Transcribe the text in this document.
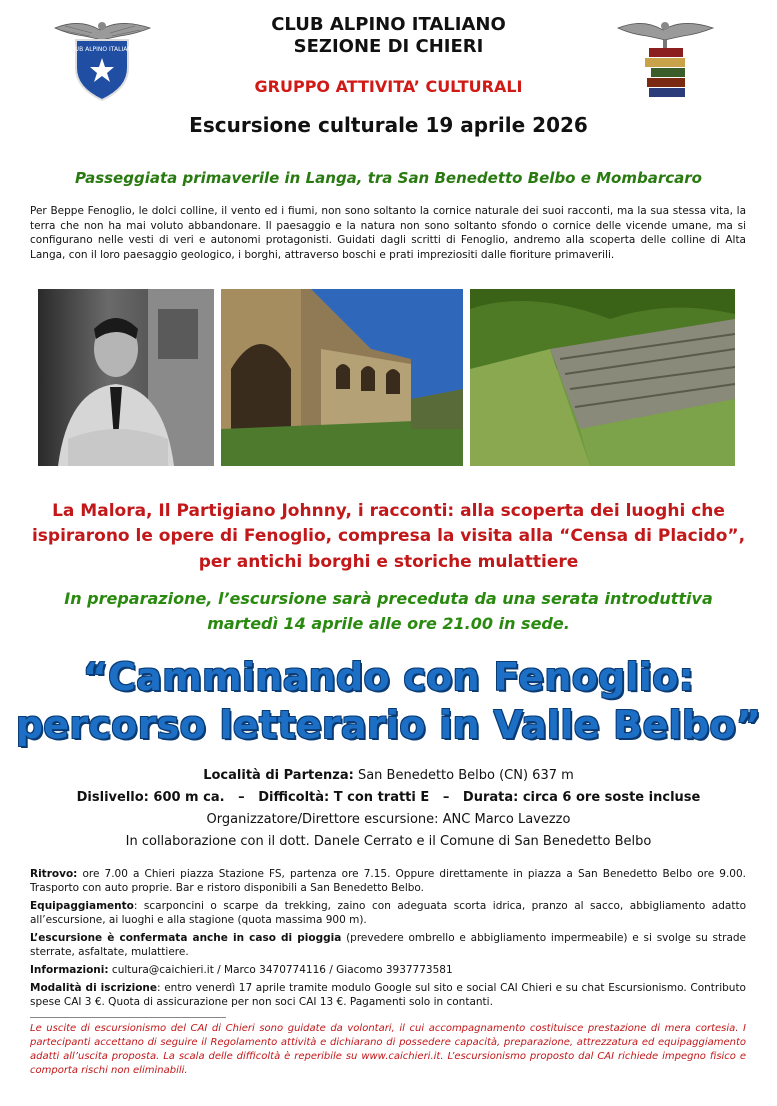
CLUB ALPINO ITALIANO
CLUB ALPINO ITALIANO
SEZIONE DI CHIERI
GRUPPO ATTIVITA’ CULTURALI
Escursione culturale 19 aprile 2026
Passeggiata primaverile in Langa, tra San Benedetto Belbo e Mombarcaro
Per Beppe Fenoglio, le dolci colline, il vento ed i fiumi, non sono soltanto la cornice naturale dei suoi racconti, ma la sua stessa vita, la terra che non ha mai voluto abbandonare. Il paesaggio e la natura non sono soltanto sfondo o cornice delle vicende umane, ma si configurano nelle vesti di veri e autonomi protagonisti. Guidati dagli scritti di Fenoglio, andremo alla scoperta delle colline di Alta Langa, con il loro paesaggio geologico, i borghi, attraverso boschi e prati impreziositi dalle fioriture primaverili.
La Malora, Il Partigiano Johnny, i racconti: alla scoperta dei luoghi che
ispirarono le opere di Fenoglio, compresa la visita alla “Censa di Placido”,
per antichi borghi e storiche mulattiere
In preparazione, l’escursione sarà preceduta da una serata introduttiva
martedì 14 aprile alle ore 21.00 in sede.
“Camminando con Fenoglio:
percorso letterario in Valle Belbo”
Località di Partenza: San Benedetto Belbo (CN) 637 m
Dislivello: 600 m ca.   –   Difficoltà: T con tratti E   –   Durata: circa 6 ore soste incluse
Organizzatore/Direttore escursione: ANC Marco Lavezzo
In collaborazione con il dott. Danele Cerrato e il Comune di San Benedetto Belbo
Ritrovo: ore 7.00 a Chieri piazza Stazione FS, partenza ore 7.15. Oppure direttamente in piazza a San Benedetto Belbo ore 9.00. Trasporto con auto proprie. Bar e ristoro disponibili a San Benedetto Belbo.
Equipaggiamento: scarponcini o scarpe da trekking, zaino con adeguata scorta idrica, pranzo al sacco, abbigliamento adatto all’escursione, ai luoghi e alla stagione (quota massima 900 m).
L’escursione è confermata anche in caso di pioggia (prevedere ombrello e abbigliamento impermeabile) e si svolge su strade sterrate, asfaltate, mulattiere.
Informazioni: cultura@caichieri.it / Marco 3470774116 / Giacomo 3937773581
Modalità di iscrizione: entro venerdì 17 aprile tramite modulo Google sul sito e social CAI Chieri e su chat Escursionismo. Contributo spese CAI 3 €. Quota di assicurazione per non soci CAI 13 €. Pagamenti solo in contanti.
Le uscite di escursionismo del CAI di Chieri sono guidate da volontari, il cui accompagnamento costituisce prestazione di mera cortesia. I partecipanti accettano di seguire il Regolamento attività e dichiarano di possedere capacità, preparazione, attrezzatura ed equipaggiamento adatti all’uscita proposta. La scala delle difficoltà è reperibile su www.caichieri.it. L’escursionismo proposto dal CAI richiede impegno fisico e comporta rischi non eliminabili.
